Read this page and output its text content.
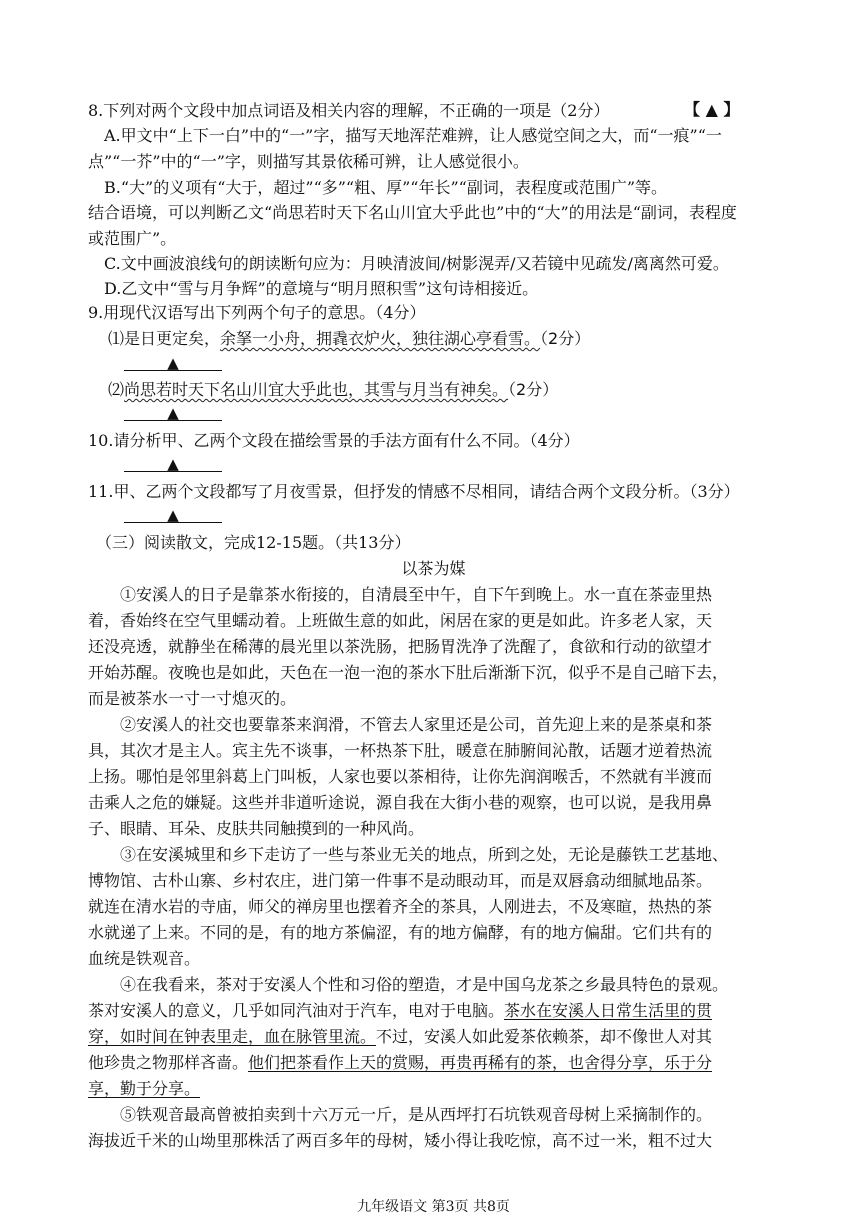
8.下列对两个文段中加点词语及相关内容的理解，不正确的一项是（2分）	【 ▲ 】
A.甲文中“上下一白”中的“一”字，描写天地浑茫难辨，让人感觉空间之大，而“一痕”“一
点”“一芥”中的“一”字，则描写其景依稀可辨，让人感觉很小。
B.“大”的义项有“大于，超过”“多”“粗、厚”“年长”“副词，表程度或范围广”等。
结合语境，可以判断乙文“尚思若时天下名山川宜大乎此也”中的“大”的用法是“副词，表程度
或范围广”。
C.文中画波浪线句的朗读断句应为：月映清波间/树影滉弄/又若镜中见疏发/离离然可爱。
D.乙文中“雪与月争辉”的意境与“明月照积雪”这句诗相接近。
9.用现代汉语写出下列两个句子的意思。（4分）
⑴是日更定矣，余拏一小舟，拥毳衣炉火，独往湖心亭看雪。（2分）
▲
⑵尚思若时天下名山川宜大乎此也，其雪与月当有神矣。（2分）
▲
10.请分析甲、乙两个文段在描绘雪景的手法方面有什么不同。（4分）
▲
11.甲、乙两个文段都写了月夜雪景，但抒发的情感不尽相同，请结合两个文段分析。（3分）
▲
（三）阅读散文，完成12-15题。（共13分）
以茶为媒
①安溪人的日子是靠茶水衔接的，自清晨至中午，自下午到晚上。水一直在茶壶里热
着，香始终在空气里蠕动着。上班做生意的如此，闲居在家的更是如此。许多老人家，天
还没亮透，就静坐在稀薄的晨光里以茶洗肠，把肠胃洗净了洗醒了，食欲和行动的欲望才
开始苏醒。夜晚也是如此，天色在一泡一泡的茶水下肚后渐渐下沉，似乎不是自己暗下去，
而是被茶水一寸一寸熄灭的。
②安溪人的社交也要靠茶来润滑，不管去人家里还是公司，首先迎上来的是茶桌和茶
具，其次才是主人。宾主先不谈事，一杯热茶下肚，暖意在肺腑间沁散，话题才逆着热流
上扬。哪怕是邻里斜葛上门叫板，人家也要以茶相待，让你先润润喉舌，不然就有半渡而
击乘人之危的嫌疑。这些并非道听途说，源自我在大街小巷的观察，也可以说，是我用鼻
子、眼睛、耳朵、皮肤共同触摸到的一种风尚。
③在安溪城里和乡下走访了一些与茶业无关的地点，所到之处，无论是藤铁工艺基地、
博物馆、古朴山寨、乡村农庄，进门第一件事不是动眼动耳，而是双唇翕动细腻地品茶。
就连在清水岩的寺庙，师父的禅房里也摆着齐全的茶具，人刚进去，不及寒暄，热热的茶
水就递了上来。不同的是，有的地方茶偏涩，有的地方偏酵，有的地方偏甜。它们共有的
血统是铁观音。
④在我看来，茶对于安溪人个性和习俗的塑造，才是中国乌龙茶之乡最具特色的景观。
茶对安溪人的意义，几乎如同汽油对于汽车，电对于电脑。茶水在安溪人日常生活里的贯
穿，如时间在钟表里走，血在脉管里流。不过，安溪人如此爱茶依赖茶，却不像世人对其
他珍贵之物那样吝啬。他们把茶看作上天的赏赐，再贵再稀有的茶，也舍得分享，乐于分
享，勤于分享。
⑤铁观音最高曾被拍卖到十六万元一斤，是从西坪打石坑铁观音母树上采摘制作的。
海拔近千米的山坳里那株活了两百多年的母树，矮小得让我吃惊，高不过一米，粗不过大
九年级语文 第3页 共8页
